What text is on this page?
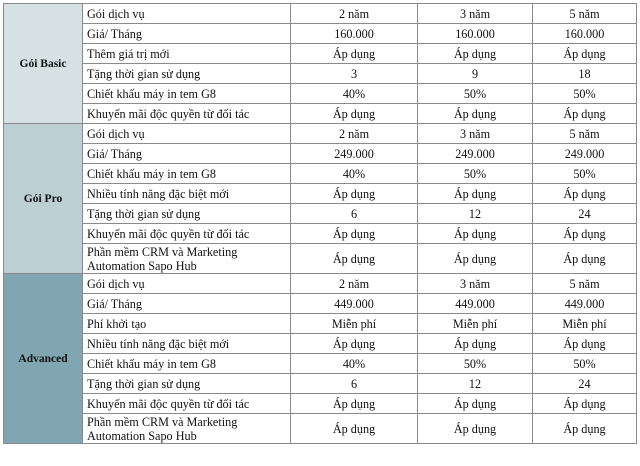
Gói Basic	Gói dịch vụ	2 năm	3 năm	5 năm
	Giá/ Tháng	160.000	160.000	160.000
	Thêm giá trị mới	Áp dụng	Áp dụng	Áp dụng
	Tặng thời gian sử dụng	3	9	18
	Chiết khấu máy in tem G8	40%	50%	50%
	Khuyến mãi độc quyền từ đối tác	Áp dụng	Áp dụng	Áp dụng
Gói Pro	Gói dịch vụ	2 năm	3 năm	5 năm
	Giá/ Tháng	249.000	249.000	249.000
	Chiết khấu máy in tem G8	40%	50%	50%
	Nhiều tính năng đặc biệt mới	Áp dụng	Áp dụng	Áp dụng
	Tặng thời gian sử dụng	6	12	24
	Khuyến mãi độc quyền từ đối tác	Áp dụng	Áp dụng	Áp dụng
	Phần mềm CRM và Marketing Automation Sapo Hub	Áp dụng	Áp dụng	Áp dụng
Advanced	Gói dịch vụ	2 năm	3 năm	5 năm
	Giá/ Tháng	449.000	449.000	449.000
	Phí khởi tạo	Miễn phí	Miễn phí	Miễn phí
	Nhiều tính năng đặc biệt mới	Áp dụng	Áp dụng	Áp dụng
	Chiết khấu máy in tem G8	40%	50%	50%
	Tặng thời gian sử dụng	6	12	24
	Khuyến mãi độc quyền từ đối tác	Áp dụng	Áp dụng	Áp dụng
	Phần mềm CRM và Marketing Automation Sapo Hub	Áp dụng	Áp dụng	Áp dụng
